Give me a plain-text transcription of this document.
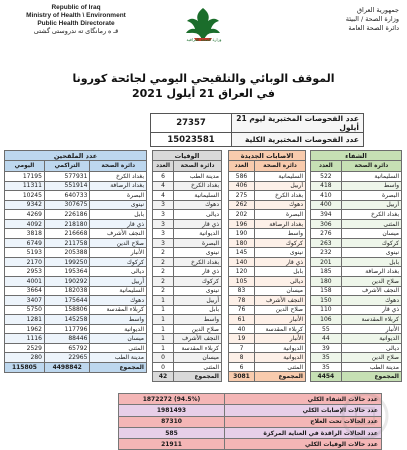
Republic of Iraq
Ministry of Health \ Environment
Public Health Directorate
قـ ه رمانگاى ته ندروستى گشتى
وزارة الصحة العراقية
جمهورية العراق
وزارة الصحة / البيئة
دائرة الصحة العامة
الموقف الوبائي والتلقيحي اليومي لجائحة كورونا
في العراق 21 أيلول 2021
27357	عدد الفحوصات المختبرية ليوم 21 أيلول
15023581	عدد الفحوصات المختبرية الكلية
عدد الملقحين		
اليومي	التراكمي	دائرة الصحة
17195	577931	بغداد الكرخ
11311	551914	بغداد الرصافة
10245	640733	البصرة
9342	307675	نينوى
4269	226186	بابل
4092	218180	ذي قار
3818	216668	النجف الأشرف
6749	211758	صلاح الدين
5193	205388	الأنبار
2170	199250	كركوك
2953	195364	ديالى
4001	190292	أربيل
3664	182038	السليمانية
3407	175644	دهوك
5750	158806	كربلاء المقدسة
1281	145258	واسط
1962	117796	الديوانية
1116	88446	ميسان
2529	65792	المثنى
280	22965	مدينة الطب
115805	4498842	المجموع
الوفيات	
العدد	دائرة الصحة
6	مدينة الطب
4	بغداد الكرخ
4	السليمانية
3	دهوك
3	ديالى
3	ذي قار
3	الديوانية
3	البصرة
2	نينوى
2	بغداد الكرخ
2	ذي قار
2	كركوك
2	نينوى
1	أربيل
1	بابل
1	واسط
1	صلاح الدين
1	النجف الأشرف
1	كربلاء المقدسة
0	ميسان
0	المثنى
42	المجموع
الاصابات الجديدة	
العدد	دائرة الصحة
586	السليمانية
406	أربيل
275	بغداد الكرخ
262	دهوك
202	البصرة
196	بغداد الرصافة
190	واسط
180	كركوك
145	نينوى
140	ذي قار
120	بابل
105	ديالى
83	ميسان
78	النجف الأشرف
76	صلاح الدين
61	الأنبار
40	كربلاء المقدسة
19	الأنبار
7	الديوانية
8	الديوانية
6	المثنى
3081	المجموع
الشفاء	
العدد	دائرة الصحة
522	السليمانية
418	واسط
410	البصرة
400	أربيل
394	بغداد الكرخ
306	المثنى
276	ميسان
263	كركوك
232	نينوى
201	بابل
185	بغداد الرصافة
180	صلاح الدين
158	النجف الأشرف
150	دهوك
110	ذي قار
106	كربلاء المقدسة
55	الأنبار
44	الديوانية
39	ديالى
35	صلاح الدين
35	مدينة الطب
4454	المجموع
1872272 (94.5%)	عدد حالات الشفاء الكلي
1981493	عدد حالات الإصابات الكلي
87310	عدد الحالات تحت العلاج
585	عدد الحالات الراقدة في العناية المركزة
21911	عدد حالات الوفيات الكلي
